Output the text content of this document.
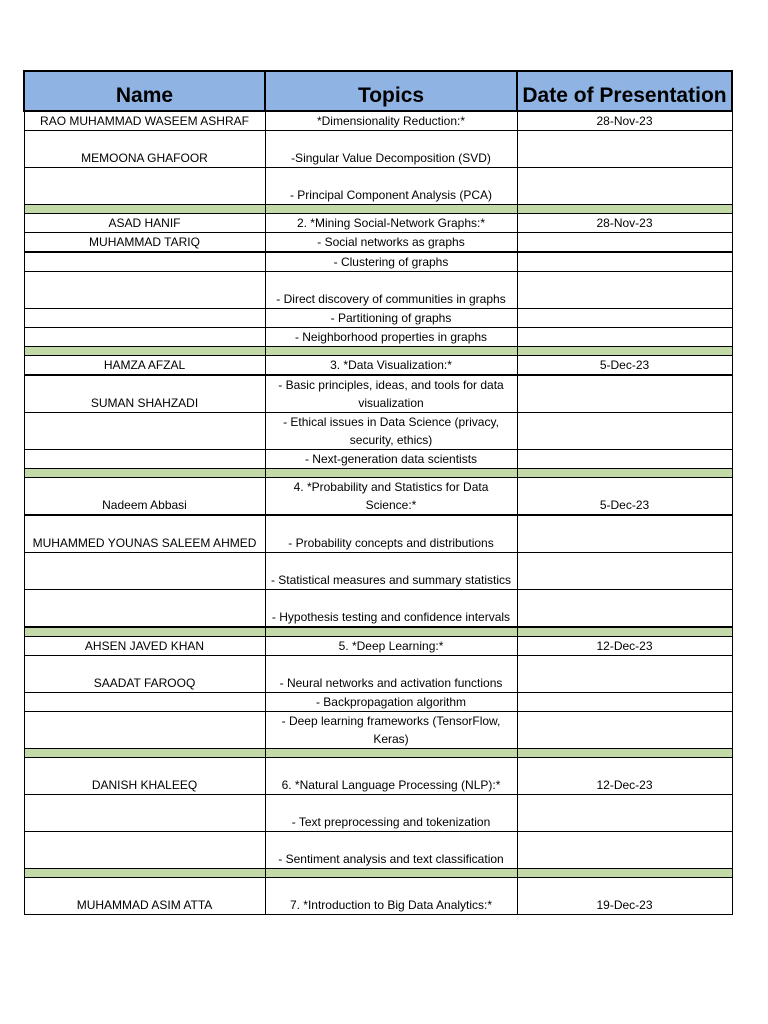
Name	Topics	Date of Presentation
RAO MUHAMMAD WASEEM ASHRAF	*Dimensionality Reduction:*	28-Nov-23
MEMOONA GHAFOOR	-Singular Value Decomposition (SVD)	
	- Principal Component Analysis (PCA)	

ASAD HANIF	2. *Mining Social-Network Graphs:*	28-Nov-23
MUHAMMAD TARIQ	- Social networks as graphs	
	- Clustering of graphs	
	- Direct discovery of communities in graphs	
	- Partitioning of graphs	
	- Neighborhood properties in graphs	

HAMZA AFZAL	3. *Data Visualization:*	5-Dec-23
SUMAN SHAHZADI	- Basic principles, ideas, and tools for data visualization	
	- Ethical issues in Data Science (privacy, security, ethics)	
	- Next-generation data scientists	

Nadeem Abbasi	4. *Probability and Statistics for Data Science:*	5-Dec-23
MUHAMMED YOUNAS SALEEM AHMED	- Probability concepts and distributions	
	- Statistical measures and summary statistics	
	- Hypothesis testing and confidence intervals	

AHSEN JAVED KHAN	5. *Deep Learning:*	12-Dec-23
SAADAT FAROOQ	- Neural networks and activation functions	
	- Backpropagation algorithm	
	- Deep learning frameworks (TensorFlow, Keras)	

DANISH KHALEEQ	6. *Natural Language Processing (NLP):*	12-Dec-23
	- Text preprocessing and tokenization	
	- Sentiment analysis and text classification	

MUHAMMAD ASIM ATTA	7. *Introduction to Big Data Analytics:*	19-Dec-23
